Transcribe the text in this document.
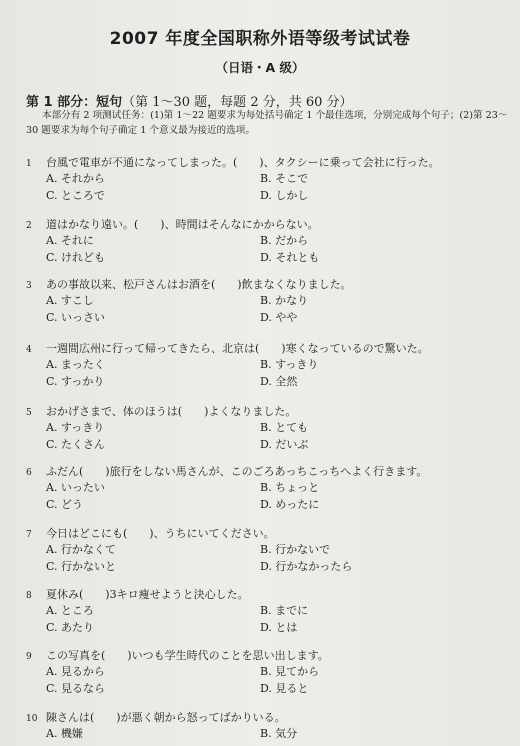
2007 年度全国职称外语等级考试试卷
（日语・A 级）
第 1 部分：短句（第 1～30 题，每题 2 分，共 60 分）
本部分有 2 项测试任务：(1)第 1～22 题要求为每处括号确定 1 个最佳选项，分别完成每个句子；(2)第 23～30 题要求为每个句子确定 1 个意义最为接近的选项。
1 台風で電車が不通になってしまった。(　　)、タクシーに乗って会社に行った。
A. それから	B. そこで
C. ところで	D. しかし
2 道はかなり遠い。(　　)、時間はそんなにかからない。
A. それに	B. だから
C. けれども	D. それとも
3 あの事故以来、松戸さんはお酒を(　　)飲まなくなりました。
A. すこし	B. かなり
C. いっさい	D. やや
4 一週間広州に行って帰ってきたら、北京は(　　)寒くなっているので驚いた。
A. まったく	B. すっきり
C. すっかり	D. 全然
5 おかげさまで、体のほうは(　　)よくなりました。
A. すっきり	B. とても
C. たくさん	D. だいぶ
6 ふだん(　　)旅行をしない馬さんが、このごろあっちこっちへよく行きます。
A. いったい	B. ちょっと
C. どう	D. めったに
7 今日はどこにも(　　)、うちにいてください。
A. 行かなくて	B. 行かないで
C. 行かないと	D. 行かなかったら
8 夏休み(　　)3キロ痩せようと決心した。
A. ところ	B. までに
C. あたり	D. とは
9 この写真を(　　)いつも学生時代のことを思い出します。
A. 見るから	B. 見てから
C. 見るなら	D. 見ると
10 陳さんは(　　)が悪く朝から怒ってばかりいる。
A. 機嫌	B. 気分
